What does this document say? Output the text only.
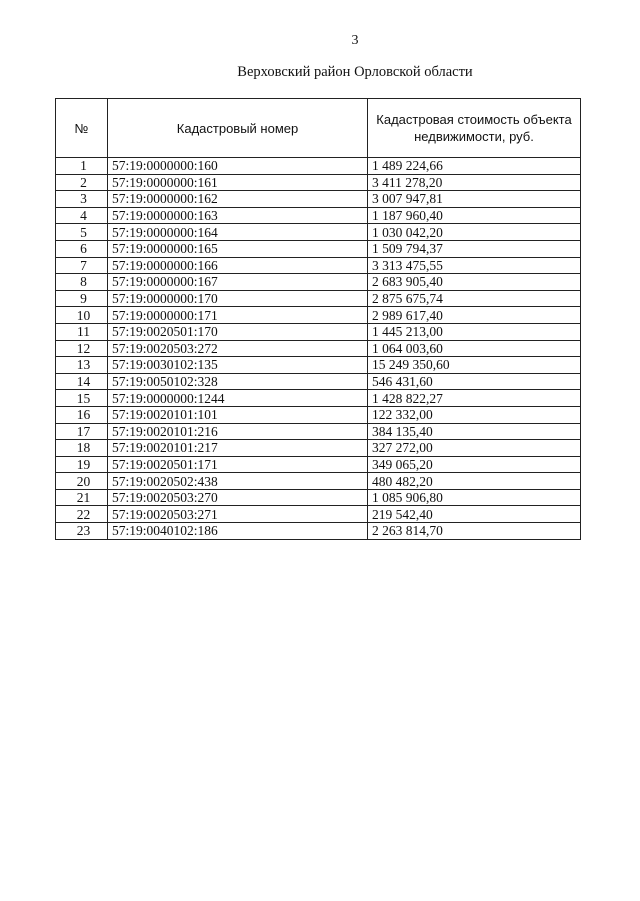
3
Верховский район Орловской области
№	Кадастровый номер	Кадастровая стоимость объекта недвижимости, руб.
1	57:19:0000000:160	1 489 224,66
2	57:19:0000000:161	3 411 278,20
3	57:19:0000000:162	3 007 947,81
4	57:19:0000000:163	1 187 960,40
5	57:19:0000000:164	1 030 042,20
6	57:19:0000000:165	1 509 794,37
7	57:19:0000000:166	3 313 475,55
8	57:19:0000000:167	2 683 905,40
9	57:19:0000000:170	2 875 675,74
10	57:19:0000000:171	2 989 617,40
11	57:19:0020501:170	1 445 213,00
12	57:19:0020503:272	1 064 003,60
13	57:19:0030102:135	15 249 350,60
14	57:19:0050102:328	546 431,60
15	57:19:0000000:1244	1 428 822,27
16	57:19:0020101:101	122 332,00
17	57:19:0020101:216	384 135,40
18	57:19:0020101:217	327 272,00
19	57:19:0020501:171	349 065,20
20	57:19:0020502:438	480 482,20
21	57:19:0020503:270	1 085 906,80
22	57:19:0020503:271	219 542,40
23	57:19:0040102:186	2 263 814,70
